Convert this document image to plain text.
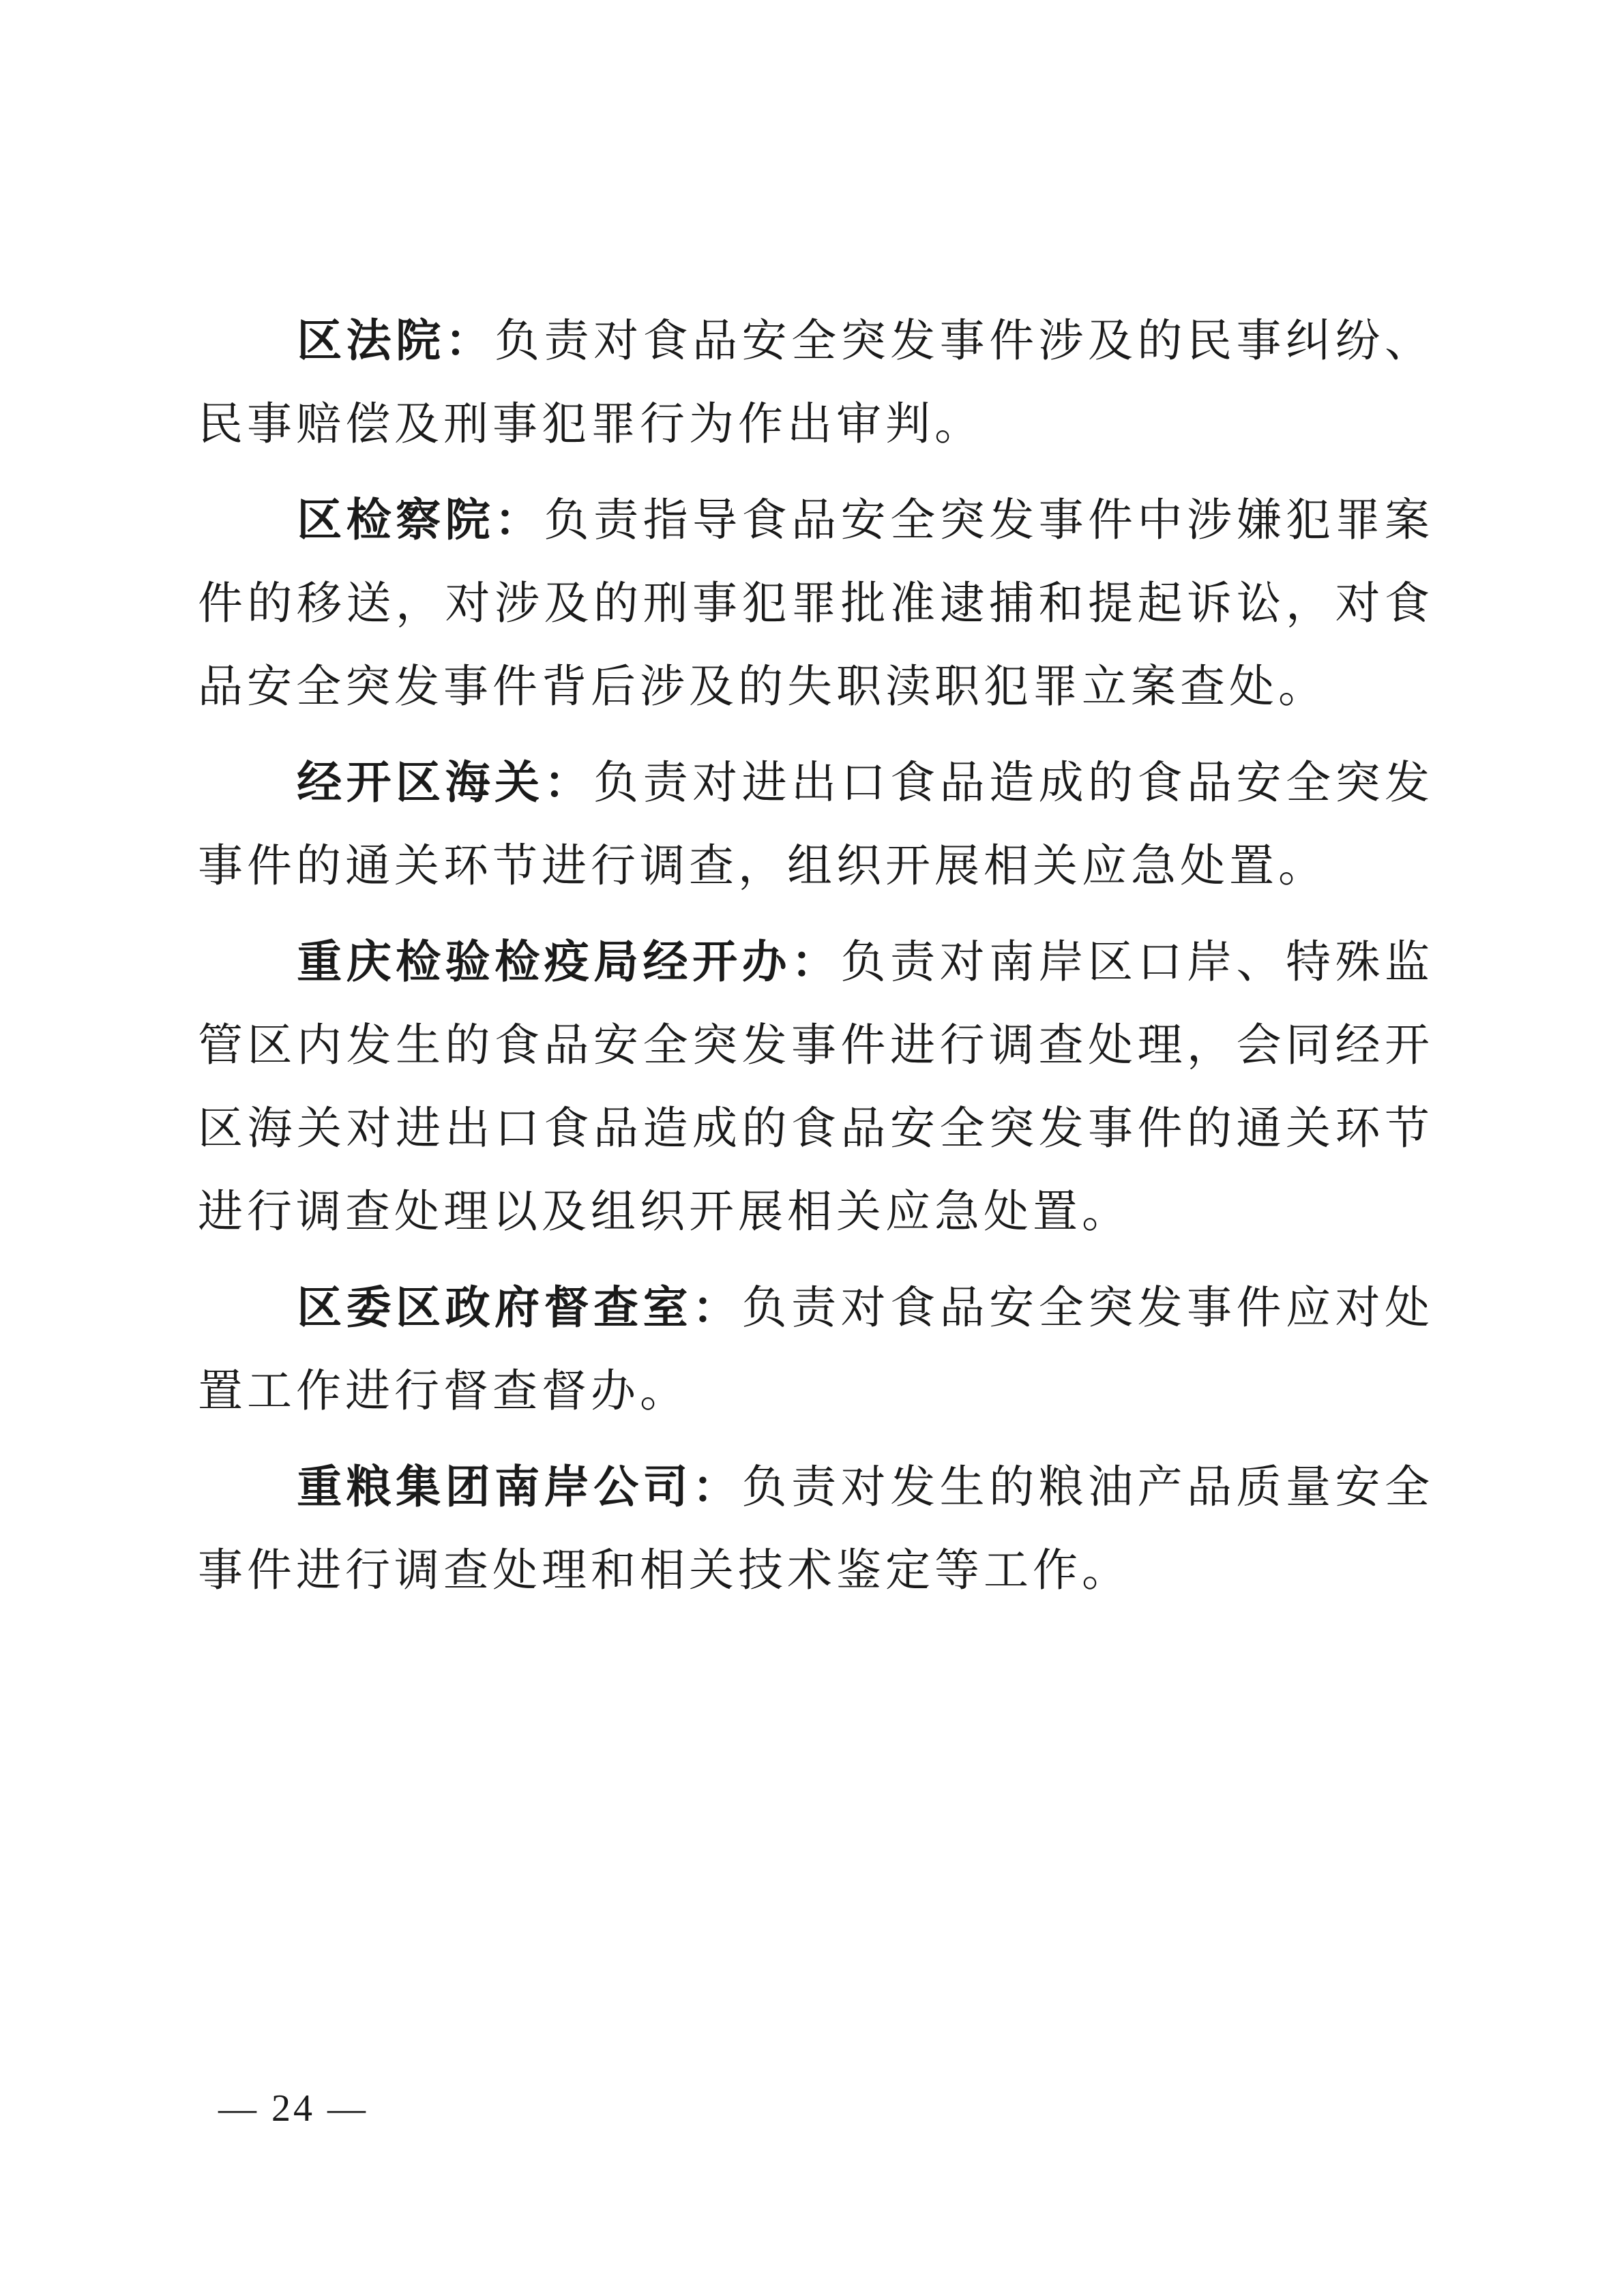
区法院：负责对食品安全突发事件涉及的民事纠纷、民事赔偿及刑事犯罪行为作出审判。

区检察院：负责指导食品安全突发事件中涉嫌犯罪案件的移送，对涉及的刑事犯罪批准逮捕和提起诉讼，对食品安全突发事件背后涉及的失职渎职犯罪立案查处。

经开区海关：负责对进出口食品造成的食品安全突发事件的通关环节进行调查，组织开展相关应急处置。

重庆检验检疫局经开办：负责对南岸区口岸、特殊监管区内发生的食品安全突发事件进行调查处理，会同经开区海关对进出口食品造成的食品安全突发事件的通关环节进行调查处理以及组织开展相关应急处置。

区委区政府督查室：负责对食品安全突发事件应对处置工作进行督查督办。

重粮集团南岸公司：负责对发生的粮油产品质量安全事件进行调查处理和相关技术鉴定等工作。

— 24 —
